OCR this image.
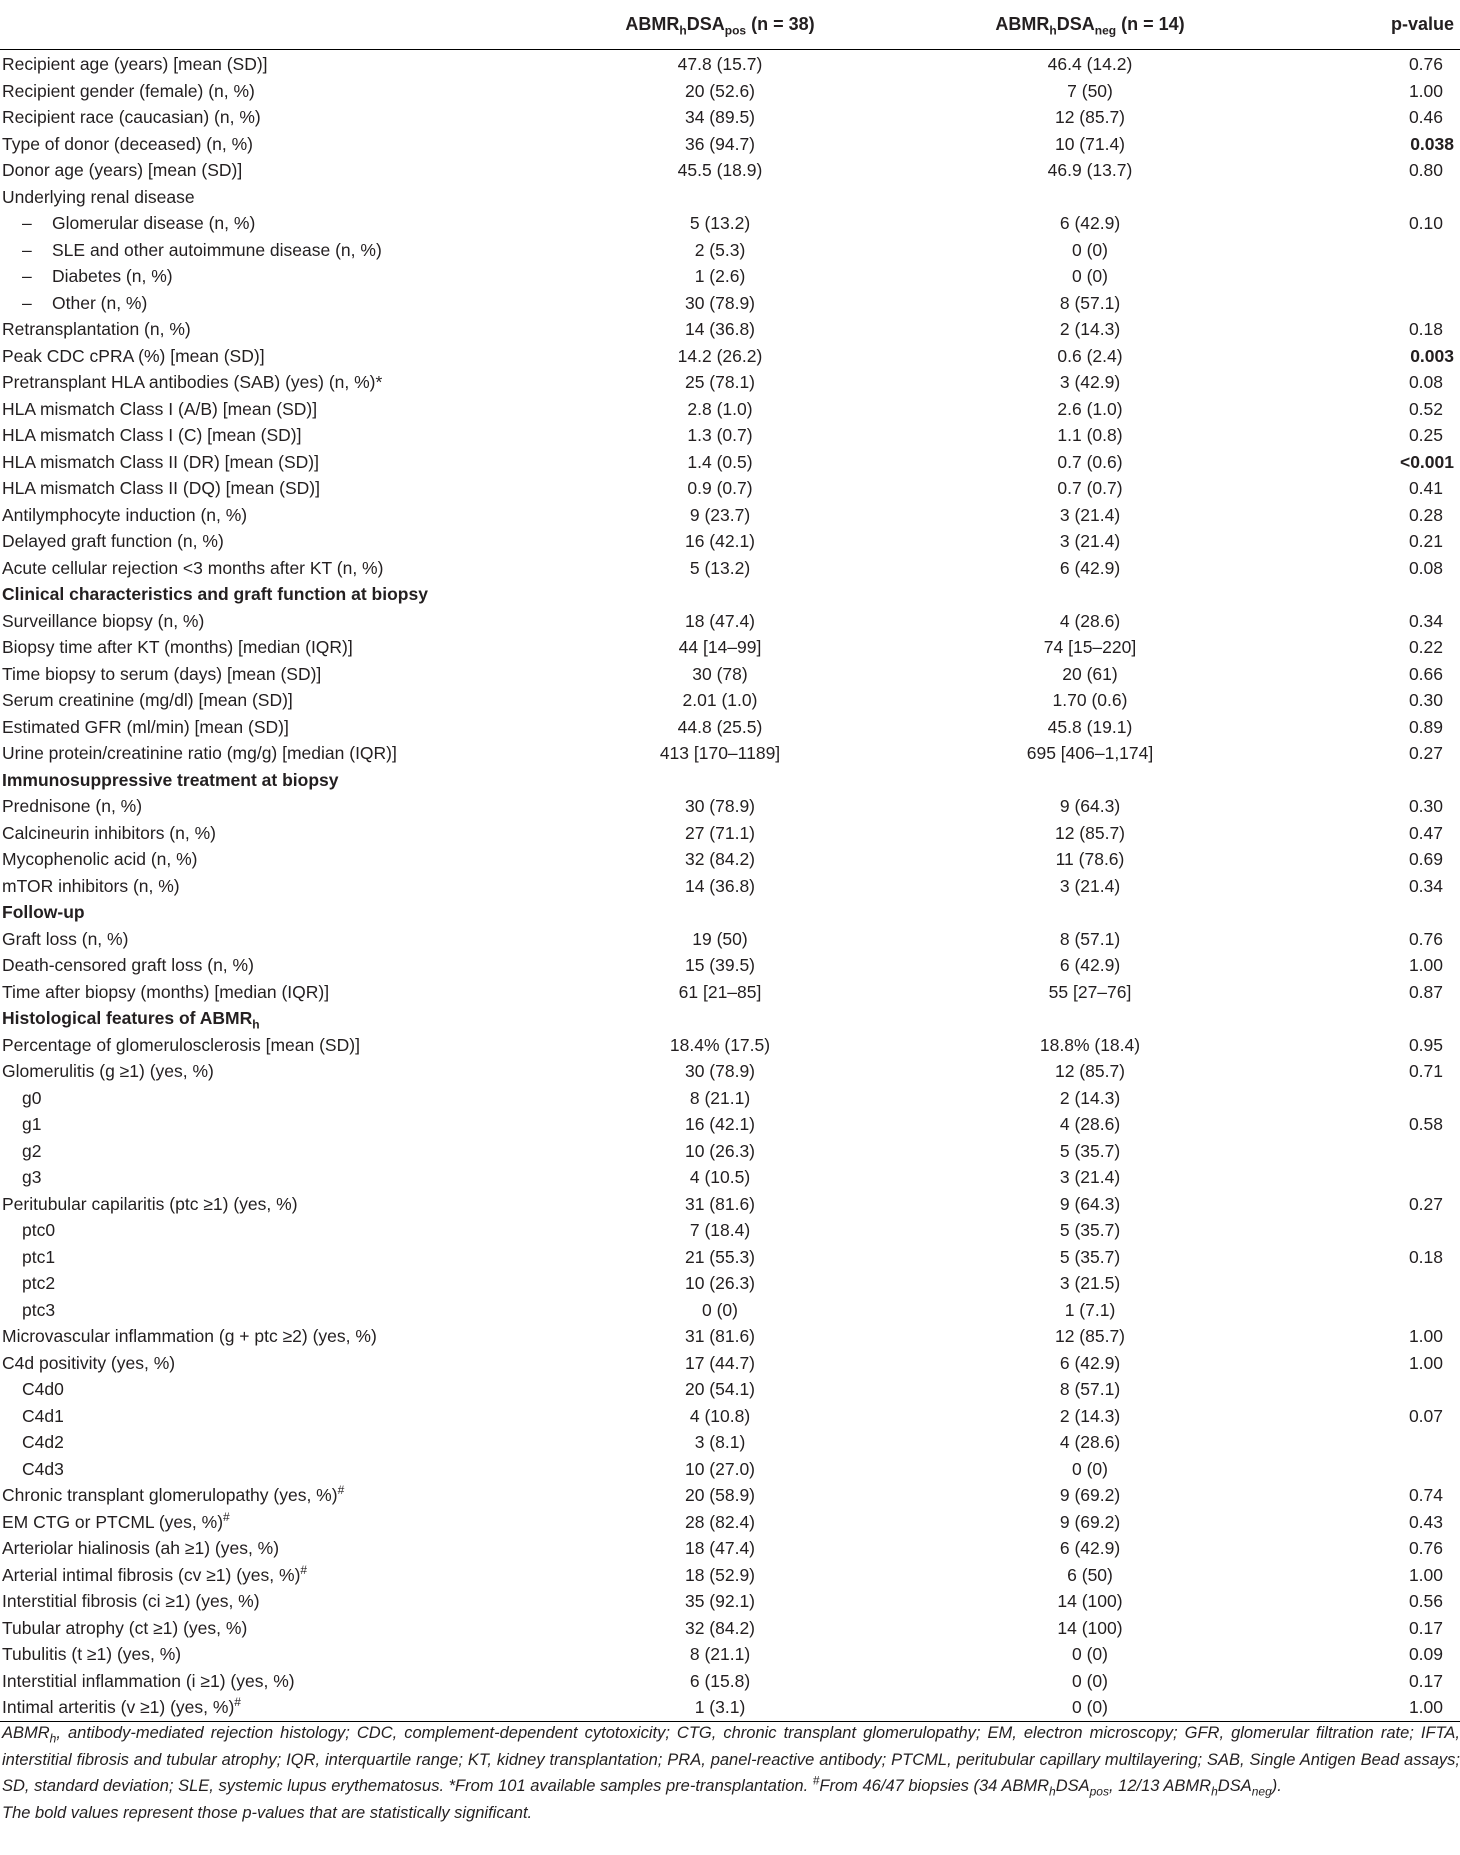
	$ABMR_hDSA_{pos}$ (n = 38)	$ABMR_hDSA_{neg}$ (n = 14)	p-value
Recipient age (years) [mean (SD)]	47.8 (15.7)	46.4 (14.2)	0.76
Recipient gender (female) (n, %)	20 (52.6)	7 (50)	1.00
Recipient race (caucasian) (n, %)	34 (89.5)	12 (85.7)	0.46
Type of donor (deceased) (n, %)	36 (94.7)	10 (71.4)	0.038
Donor age (years) [mean (SD)]	45.5 (18.9)	46.9 (13.7)	0.80
Underlying renal disease			
– Glomerular disease (n, %)	5 (13.2)	6 (42.9)	0.10
– SLE and other autoimmune disease (n, %)	2 (5.3)	0 (0)	
– Diabetes (n, %)	1 (2.6)	0 (0)	
– Other (n, %)	30 (78.9)	8 (57.1)	
Retransplantation (n, %)	14 (36.8)	2 (14.3)	0.18
Peak CDC cPRA (%) [mean (SD)]	14.2 (26.2)	0.6 (2.4)	0.003
Pretransplant HLA antibodies (SAB) (yes) (n, %)*	25 (78.1)	3 (42.9)	0.08
HLA mismatch Class I (A/B) [mean (SD)]	2.8 (1.0)	2.6 (1.0)	0.52
HLA mismatch Class I (C) [mean (SD)]	1.3 (0.7)	1.1 (0.8)	0.25
HLA mismatch Class II (DR) [mean (SD)]	1.4 (0.5)	0.7 (0.6)	<0.001
HLA mismatch Class II (DQ) [mean (SD)]	0.9 (0.7)	0.7 (0.7)	0.41
Antilymphocyte induction (n, %)	9 (23.7)	3 (21.4)	0.28
Delayed graft function (n, %)	16 (42.1)	3 (21.4)	0.21
Acute cellular rejection <3 months after KT (n, %)	5 (13.2)	6 (42.9)	0.08
Clinical characteristics and graft function at biopsy			
Surveillance biopsy (n, %)	18 (47.4)	4 (28.6)	0.34
Biopsy time after KT (months) [median (IQR)]	44 [14–99]	74 [15–220]	0.22
Time biopsy to serum (days) [mean (SD)]	30 (78)	20 (61)	0.66
Serum creatinine (mg/dl) [mean (SD)]	2.01 (1.0)	1.70 (0.6)	0.30
Estimated GFR (ml/min) [mean (SD)]	44.8 (25.5)	45.8 (19.1)	0.89
Urine protein/creatinine ratio (mg/g) [median (IQR)]	413 [170–1189]	695 [406–1,174]	0.27
Immunosuppressive treatment at biopsy			
Prednisone (n, %)	30 (78.9)	9 (64.3)	0.30
Calcineurin inhibitors (n, %)	27 (71.1)	12 (85.7)	0.47
Mycophenolic acid (n, %)	32 (84.2)	11 (78.6)	0.69
mTOR inhibitors (n, %)	14 (36.8)	3 (21.4)	0.34
Follow-up			
Graft loss (n, %)	19 (50)	8 (57.1)	0.76
Death-censored graft loss (n, %)	15 (39.5)	6 (42.9)	1.00
Time after biopsy (months) [median (IQR)]	61 [21–85]	55 [27–76]	0.87
Histological features of $ABMR_h$			
Percentage of glomerulosclerosis [mean (SD)]	18.4% (17.5)	18.8% (18.4)	0.95
Glomerulitis (g ≥1) (yes, %)	30 (78.9)	12 (85.7)	0.71
g0	8 (21.1)	2 (14.3)	
g1	16 (42.1)	4 (28.6)	0.58
g2	10 (26.3)	5 (35.7)	
g3	4 (10.5)	3 (21.4)	
Peritubular capilaritis (ptc ≥1) (yes, %)	31 (81.6)	9 (64.3)	0.27
ptc0	7 (18.4)	5 (35.7)	
ptc1	21 (55.3)	5 (35.7)	0.18
ptc2	10 (26.3)	3 (21.5)	
ptc3	0 (0)	1 (7.1)	
Microvascular inflammation (g + ptc ≥2) (yes, %)	31 (81.6)	12 (85.7)	1.00
C4d positivity (yes, %)	17 (44.7)	6 (42.9)	1.00
C4d0	20 (54.1)	8 (57.1)	
C4d1	4 (10.8)	2 (14.3)	0.07
C4d2	3 (8.1)	4 (28.6)	
C4d3	10 (27.0)	0 (0)	
Chronic transplant glomerulopathy (yes, %)#	20 (58.9)	9 (69.2)	0.74
EM CTG or PTCML (yes, %)#	28 (82.4)	9 (69.2)	0.43
Arteriolar hialinosis (ah ≥1) (yes, %)	18 (47.4)	6 (42.9)	0.76
Arterial intimal fibrosis (cv ≥1) (yes, %)#	18 (52.9)	6 (50)	1.00
Interstitial fibrosis (ci ≥1) (yes, %)	35 (92.1)	14 (100)	0.56
Tubular atrophy (ct ≥1) (yes, %)	32 (84.2)	14 (100)	0.17
Tubulitis (t ≥1) (yes, %)	8 (21.1)	0 (0)	0.09
Interstitial inflammation (i ≥1) (yes, %)	6 (15.8)	0 (0)	0.17
Intimal arteritis (v ≥1) (yes, %)#	1 (3.1)	0 (0)	1.00
$ABMR_h$, antibody-mediated rejection histology; CDC, complement-dependent cytotoxicity; CTG, chronic transplant glomerulopathy; EM, electron microscopy; GFR, glomerular filtration rate; IFTA, interstitial fibrosis and tubular atrophy; IQR, interquartile range; KT, kidney transplantation; PRA, panel-reactive antibody; PTCML, peritubular capillary multilayering; SAB, Single Antigen Bead assays; SD, standard deviation; SLE, systemic lupus erythematosus. *From 101 available samples pre-transplantation. #From 46/47 biopsies (34 $ABMR_hDSA_{pos}$, 12/13 $ABMR_hDSA_{neg}$).
The bold values represent those p-values that are statistically significant.
